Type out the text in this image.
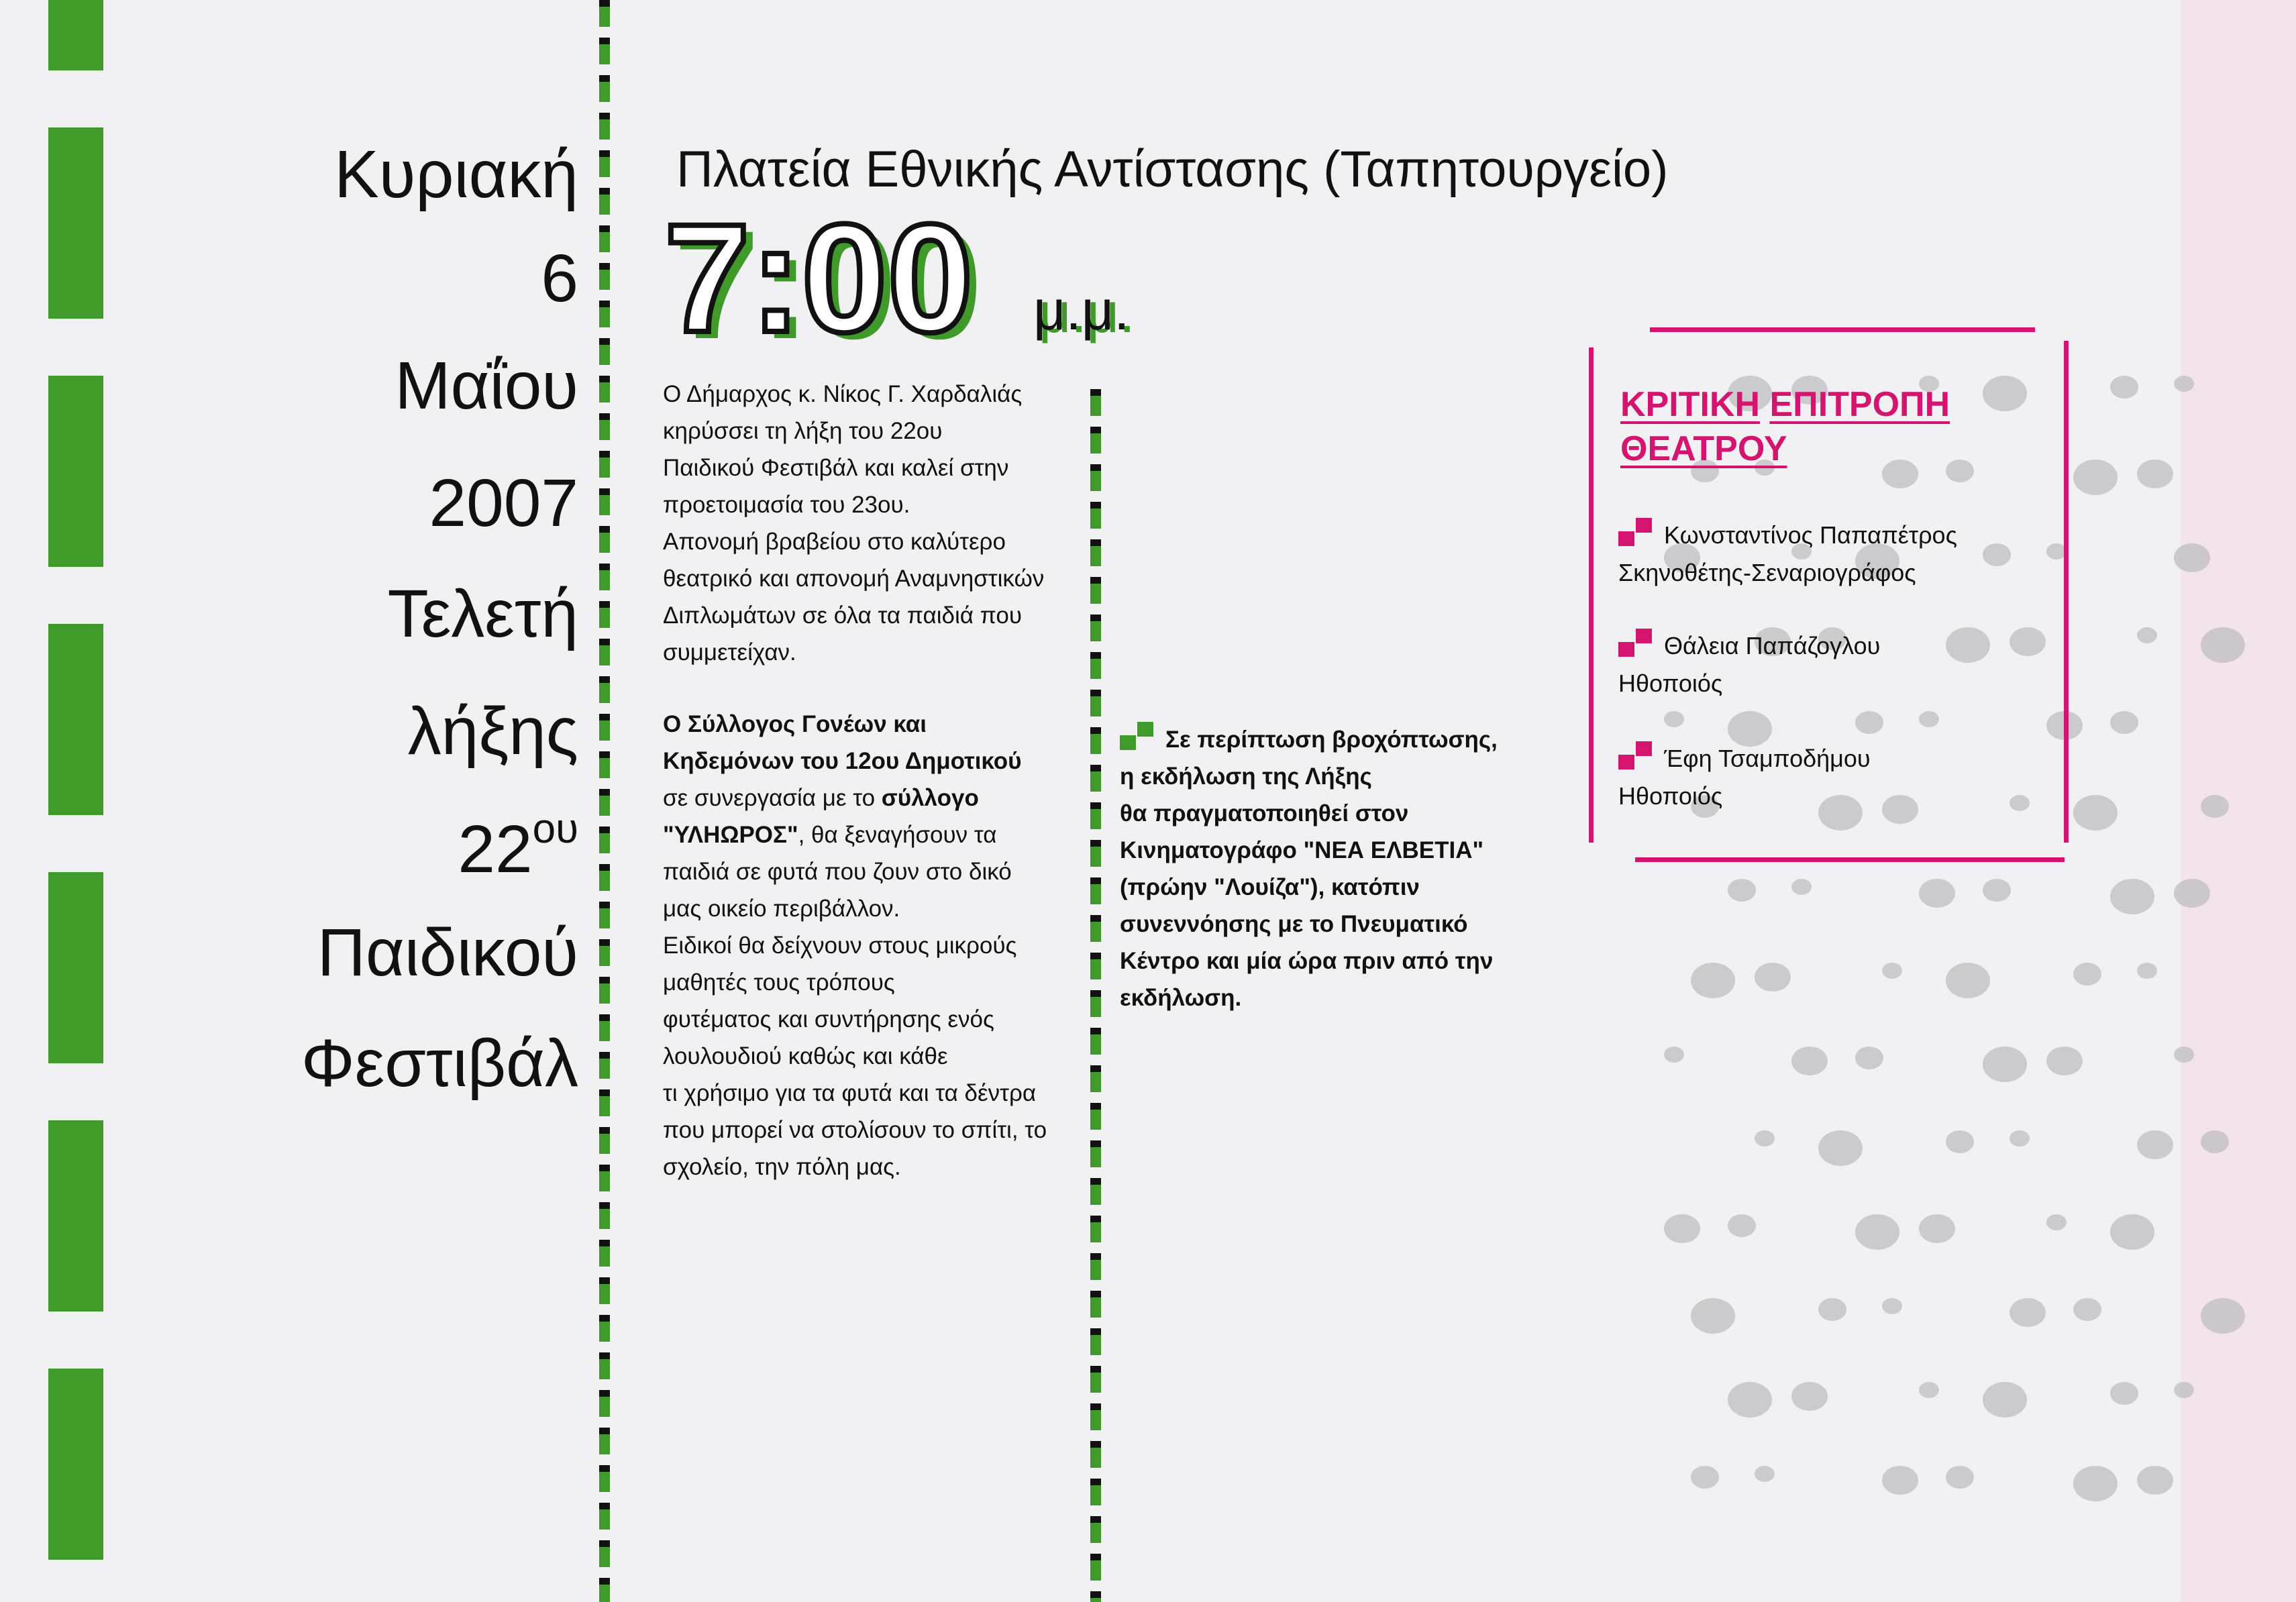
Κυριακή
6
Μαΐου
2007
Τελετή
λήξης
$22^{o\upsilon}$
Παιδικού
Φεστιβάλ
Πλατεία Εθνικής Αντίστασης (Ταπητουργείο)
7:00 μ.μ.
Ο Δήμαρχος κ. Νίκος Γ. Χαρδαλιάς
κηρύσσει τη λήξη του 22ου
Παιδικού Φεστιβάλ και καλεί στην
προετοιμασία του 23ου.
Απονομή βραβείου στο καλύτερο
θεατρικό και απονομή Αναμνηστικών
Διπλωμάτων σε όλα τα παιδιά που
συμμετείχαν.
Ο Σύλλογος Γονέων και
Κηδεμόνων του 12ου Δημοτικού
σε συνεργασία με το σύλλογο
"ΥΛΗΩΡΟΣ", θα ξεναγήσουν τα
παιδιά σε φυτά που ζουν στο δικό
μας οικείο περιβάλλον.
Ειδικοί θα δείχνουν στους μικρούς
μαθητές τους τρόπους
φυτέματος και συντήρησης ενός
λουλουδιού καθώς και κάθε
τι χρήσιμο για τα φυτά και τα δέντρα
που μπορεί να στολίσουν το σπίτι, το
σχολείο, την πόλη μας.
Σε περίπτωση βροχόπτωσης,
η εκδήλωση της Λήξης
θα πραγματοποιηθεί στον
Κινηματογράφο "ΝΕΑ ΕΛΒΕΤΙΑ"
(πρώην "Λουίζα"), κατόπιν
συνεννόησης με το Πνευματικό
Κέντρο και μία ώρα πριν από την
εκδήλωση.
ΚΡΙΤΙΚΗ ΕΠΙΤΡΟΠΗ
ΘΕΑΤΡΟΥ
Κωνσταντίνος Παπαπέτρος
Σκηνοθέτης-Σεναριογράφος
Θάλεια Παπάζογλου
Ηθοποιός
Έφη Τσαμποδήμου
Ηθοποιός
